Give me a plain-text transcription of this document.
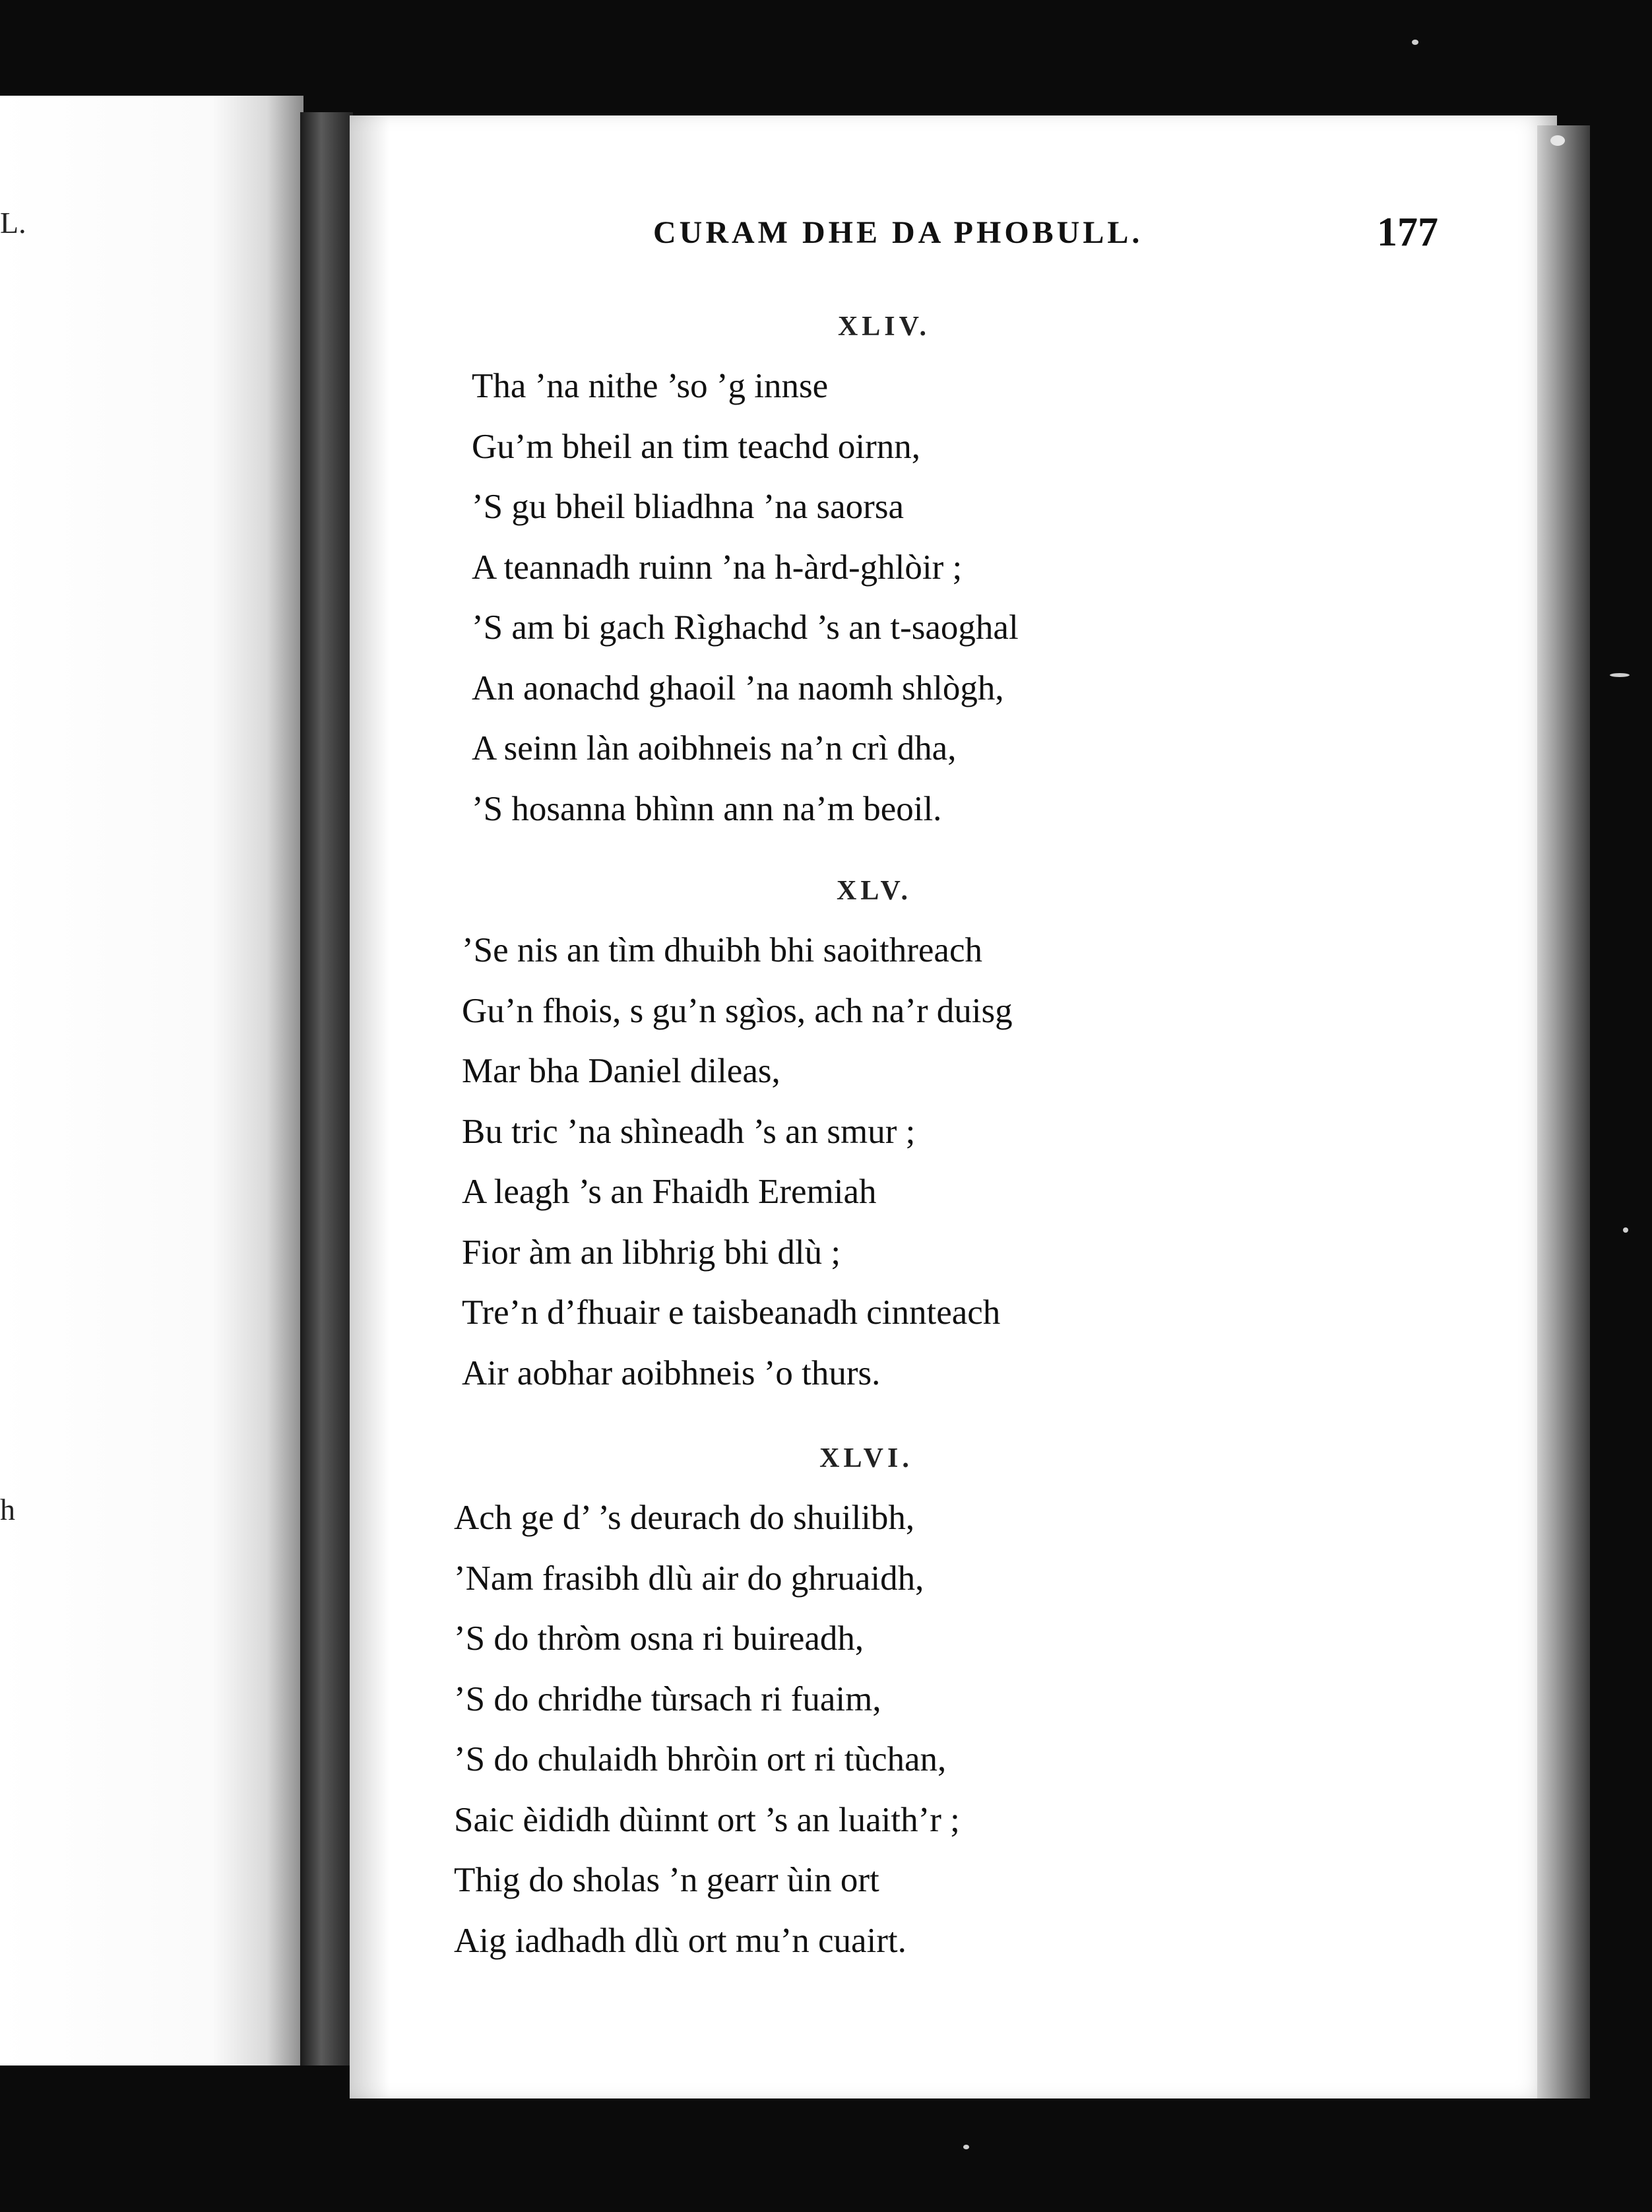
L.
h
CURAM DHE DA PHOBULL.	177
XLIV.
Tha ’na nithe ’so ’g innse
Gu’m bheil an tim teachd oirnn,
’S gu bheil bliadhna ’na saorsa
A teannadh ruinn ’na h-àrd-ghlòir ;
’S am bi gach Rìghachd ’s an t-saoghal
An aonachd ghaoil ’na naomh shlògh,
A seinn làn aoibhneis na’n crì dha,
’S hosanna bhìnn ann na’m beoil.
XLV.
’Se nis an tìm dhuibh bhi saoithreach
Gu’n fhois, s gu’n sgìos, ach na’r duisg
Mar bha Daniel dileas,
Bu tric ’na shìneadh ’s an smur ;
A leagh ’s an Fhaidh Eremiah
Fior àm an libhrig bhi dlù ;
Tre’n d’fhuair e taisbeanadh cinnteach
Air aobhar aoibhneis ’o thurs.
XLVI.
Ach ge d’ ’s deurach do shuilibh,
’Nam frasibh dlù air do ghruaidh,
’S do thròm osna ri buireadh,
’S do chridhe tùrsach ri fuaim,
’S do chulaidh bhròin ort ri tùchan,
Saic èididh dùinnt ort ’s an luaith’r ;
Thig do sholas ’n gearr ùin ort
Aig iadhadh dlù ort mu’n cuairt.
